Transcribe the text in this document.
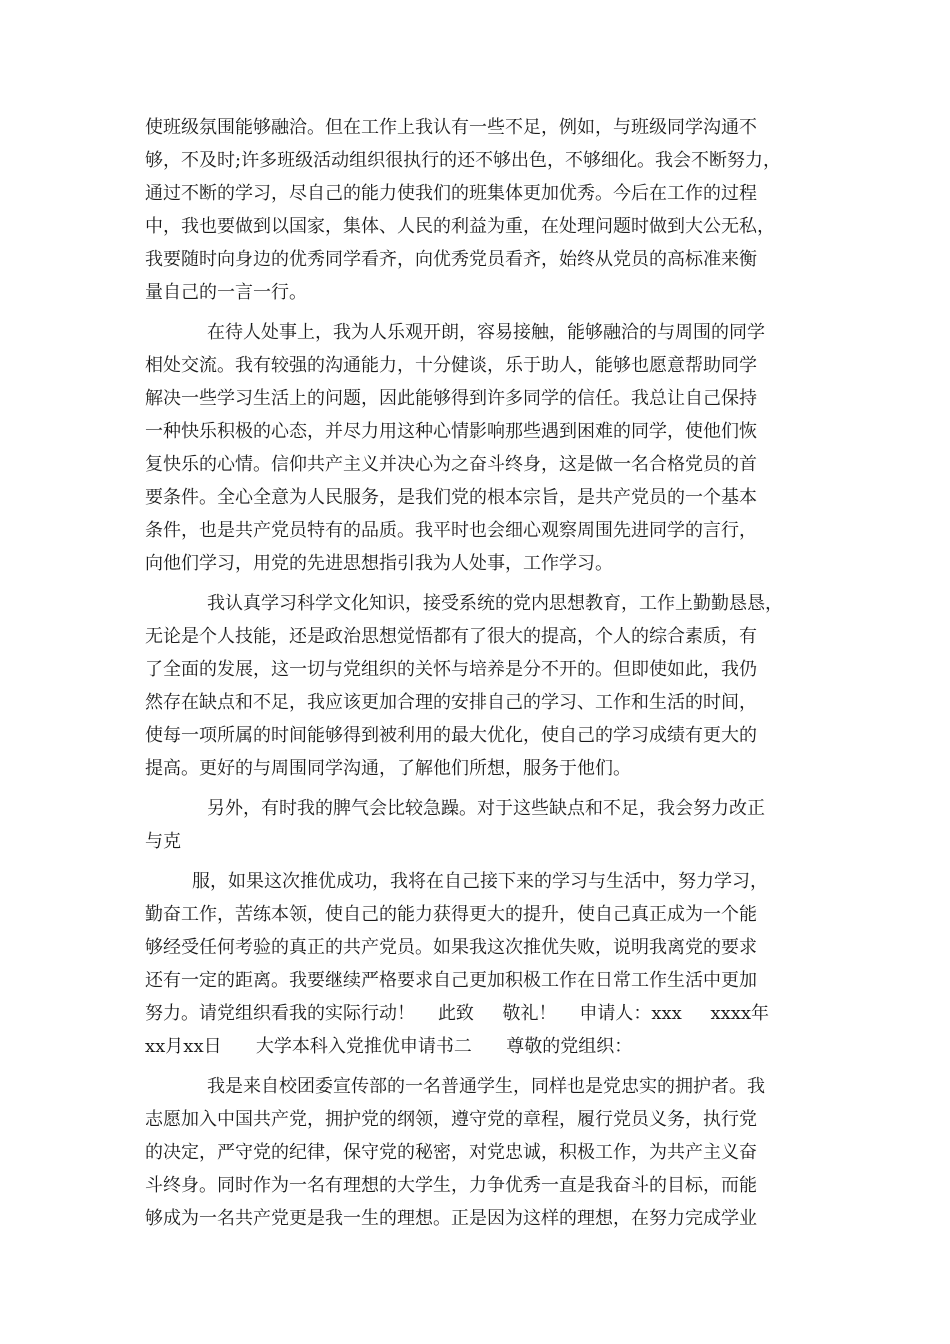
使班级氛围能够融洽。但在工作上我认有一些不足，例如，与班级同学沟通不
够，不及时;许多班级活动组织很执行的还不够出色，不够细化。我会不断努力，
通过不断的学习，尽自己的能力使我们的班集体更加优秀。今后在工作的过程
中，我也要做到以国家，集体、人民的利益为重，在处理问题时做到大公无私，
我要随时向身边的优秀同学看齐，向优秀党员看齐，始终从党员的高标准来衡
量自己的一言一行。
在待人处事上，我为人乐观开朗，容易接触，能够融洽的与周围的同学
相处交流。我有较强的沟通能力，十分健谈，乐于助人，能够也愿意帮助同学
解决一些学习生活上的问题，因此能够得到许多同学的信任。我总让自己保持
一种快乐积极的心态，并尽力用这种心情影响那些遇到困难的同学，使他们恢
复快乐的心情。信仰共产主义并决心为之奋斗终身，这是做一名合格党员的首
要条件。全心全意为人民服务，是我们党的根本宗旨，是共产党员的一个基本
条件，也是共产党员特有的品质。我平时也会细心观察周围先进同学的言行，
向他们学习，用党的先进思想指引我为人处事，工作学习。
我认真学习科学文化知识，接受系统的党内思想教育，工作上勤勤恳恳，
无论是个人技能，还是政治思想觉悟都有了很大的提高，个人的综合素质，有
了全面的发展，这一切与党组织的关怀与培养是分不开的。但即使如此，我仍
然存在缺点和不足，我应该更加合理的安排自己的学习、工作和生活的时间，
使每一项所属的时间能够得到被利用的最大优化，使自己的学习成绩有更大的
提高。更好的与周围同学沟通，了解他们所想，服务于他们。
另外，有时我的脾气会比较急躁。对于这些缺点和不足，我会努力改正
与克
服，如果这次推优成功，我将在自己接下来的学习与生活中，努力学习，
勤奋工作，苦练本领，使自己的能力获得更大的提升，使自己真正成为一个能
够经受任何考验的真正的共产党员。如果我这次推优失败，说明我离党的要求
还有一定的距离。我要继续严格要求自己更加积极工作在日常工作生活中更加
努力。请党组织看我的实际行动！    此致     敬礼！    申请人：xxx     xxxx年
xx月xx日      大学本科入党推优申请书二      尊敬的党组织：
我是来自校团委宣传部的一名普通学生，同样也是党忠实的拥护者。我
志愿加入中国共产党，拥护党的纲领，遵守党的章程，履行党员义务，执行党
的决定，严守党的纪律，保守党的秘密，对党忠诚，积极工作，为共产主义奋
斗终身。同时作为一名有理想的大学生，力争优秀一直是我奋斗的目标，而能
够成为一名共产党更是我一生的理想。正是因为这样的理想，在努力完成学业
